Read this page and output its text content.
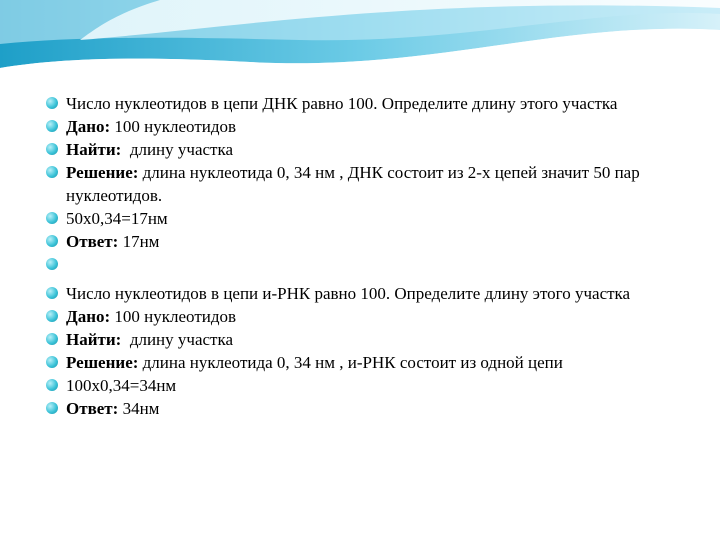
Число нуклеотидов в цепи ДНК равно 100. Определите длину этого участка
Дано: 100 нуклеотидов
Найти:  длину участка
Решение: длина нуклеотида 0, 34 нм , ДНК состоит из 2-х цепей значит 50 пар нуклеотидов.
50х0,34=17нм
Ответ: 17нм
Число нуклеотидов в цепи и-РНК равно 100. Определите длину этого участка
Дано: 100 нуклеотидов
Найти:  длину участка
Решение: длина нуклеотида 0, 34 нм , и-РНК состоит из одной цепи
100х0,34=34нм
Ответ: 34нм
